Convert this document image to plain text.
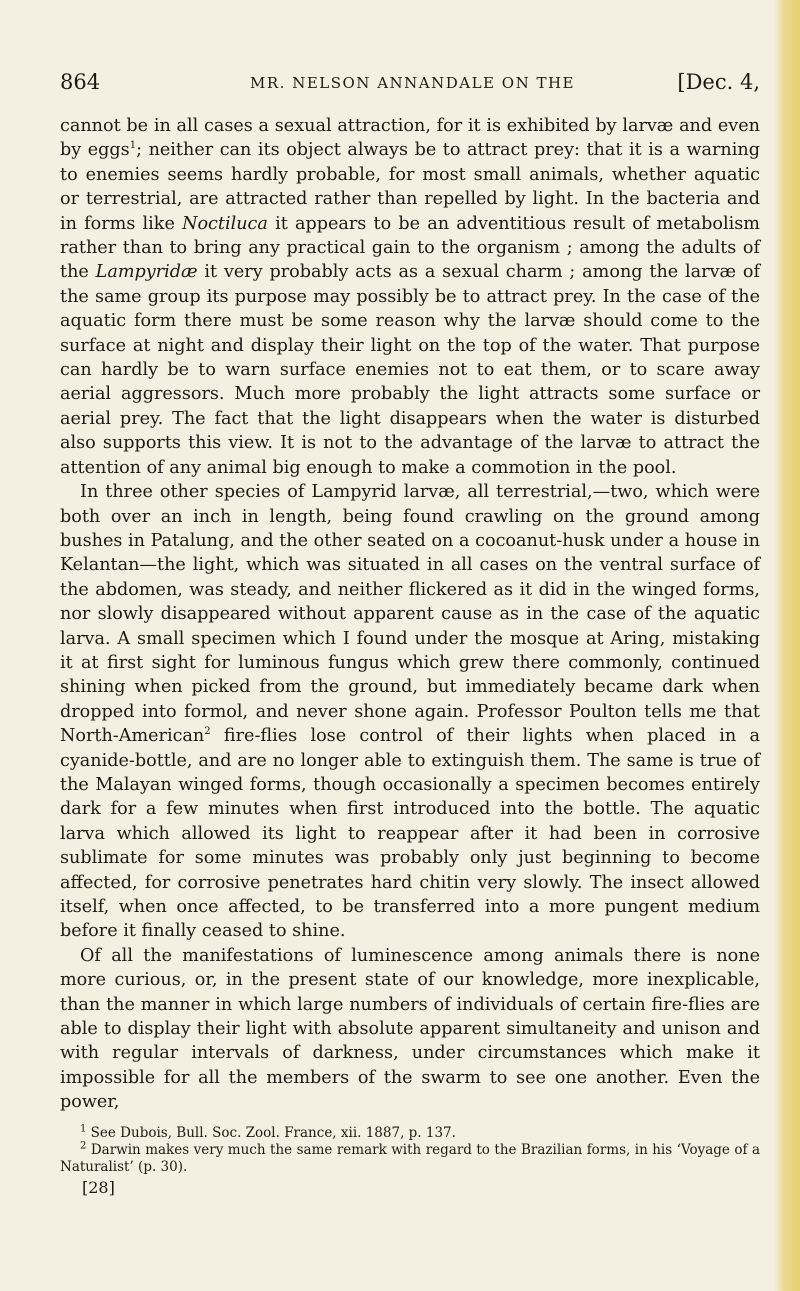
864	MR. NELSON ANNANDALE ON THE	[Dec. 4,

cannot be in all cases a sexual attraction, for it is exhibited by larvæ and even by eggs$^1$; neither can its object always be to attract prey: that it is a warning to enemies seems hardly probable, for most small animals, whether aquatic or terrestrial, are attracted rather than repelled by light. In the bacteria and in forms like Noctiluca it appears to be an adventitious result of metabolism rather than to bring any practical gain to the organism ; among the adults of the Lampyridæ it very probably acts as a sexual charm ; among the larvæ of the same group its purpose may possibly be to attract prey. In the case of the aquatic form there must be some reason why the larvæ should come to the surface at night and display their light on the top of the water. That purpose can hardly be to warn surface enemies not to eat them, or to scare away aerial aggressors. Much more probably the light attracts some surface or aerial prey. The fact that the light disappears when the water is disturbed also supports this view. It is not to the advantage of the larvæ to attract the attention of any animal big enough to make a commotion in the pool.

In three other species of Lampyrid larvæ, all terrestrial,—two, which were both over an inch in length, being found crawling on the ground among bushes in Patalung, and the other seated on a cocoanut-husk under a house in Kelantan—the light, which was situated in all cases on the ventral surface of the abdomen, was steady, and neither flickered as it did in the winged forms, nor slowly disappeared without apparent cause as in the case of the aquatic larva. A small specimen which I found under the mosque at Aring, mistaking it at first sight for luminous fungus which grew there commonly, continued shining when picked from the ground, but immediately became dark when dropped into formol, and never shone again. Professor Poulton tells me that North-American$^2$ fire-flies lose control of their lights when placed in a cyanide-bottle, and are no longer able to extinguish them. The same is true of the Malayan winged forms, though occasionally a specimen becomes entirely dark for a few minutes when first introduced into the bottle. The aquatic larva which allowed its light to reappear after it had been in corrosive sublimate for some minutes was probably only just beginning to become affected, for corrosive penetrates hard chitin very slowly. The insect allowed itself, when once affected, to be transferred into a more pungent medium before it finally ceased to shine.

Of all the manifestations of luminescence among animals there is none more curious, or, in the present state of our knowledge, more inexplicable, than the manner in which large numbers of individuals of certain fire-flies are able to display their light with absolute apparent simultaneity and unison and with regular intervals of darkness, under circumstances which make it impossible for all the members of the swarm to see one another. Even the power,

$^1$ See Dubois, Bull. Soc. Zool. France, xii. 1887, p. 137.

$^2$ Darwin makes very much the same remark with regard to the Brazilian forms, in his ‘Voyage of a Naturalist’ (p. 30).

[28]
